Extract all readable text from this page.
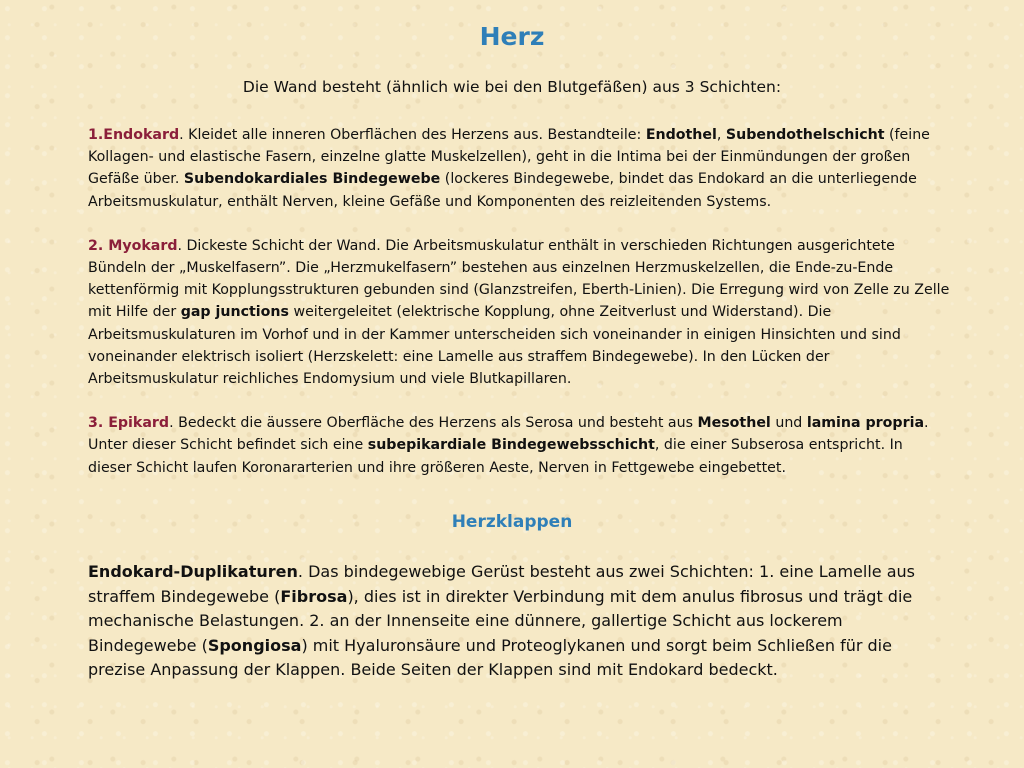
Herz

Die Wand besteht (ähnlich wie bei den Blutgefäßen) aus 3 Schichten:

1.Endokard. Kleidet alle inneren Oberflächen des Herzens aus. Bestandteile: Endothel, Subendothelschicht (feine Kollagen- und elastische Fasern, einzelne glatte Muskelzellen), geht in die Intima bei der Einmündungen der großen Gefäße über. Subendokardiales Bindegewebe (lockeres Bindegewebe, bindet das Endokard an die unterliegende Arbeitsmuskulatur, enthält Nerven, kleine Gefäße und Komponenten des reizleitenden Systems.

2. Myokard. Dickeste Schicht der Wand. Die Arbeitsmuskulatur enthält in verschieden Richtungen ausgerichtete Bündeln der „Muskelfasern”. Die „Herzmukelfasern” bestehen aus einzelnen Herzmuskelzellen, die Ende-zu-Ende kettenförmig mit Kopplungsstrukturen gebunden sind (Glanzstreifen, Eberth-Linien). Die Erregung wird von Zelle zu Zelle mit Hilfe der gap junctions weitergeleitet (elektrische Kopplung, ohne Zeitverlust und Widerstand). Die Arbeitsmuskulaturen im Vorhof und in der Kammer unterscheiden sich voneinander in einigen Hinsichten und sind voneinander elektrisch isoliert (Herzskelett: eine Lamelle aus straffem Bindegewebe). In den Lücken der Arbeitsmuskulatur reichliches Endomysium und viele Blutkapillaren.

3. Epikard. Bedeckt die äussere Oberfläche des Herzens als Serosa und besteht aus Mesothel und lamina propria. Unter dieser Schicht befindet sich eine subepikardiale Bindegewebsschicht, die einer Subserosa entspricht. In dieser Schicht laufen Koronararterien und ihre größeren Aeste, Nerven in Fettgewebe eingebettet.

Herzklappen

Endokard-Duplikaturen. Das bindegewebige Gerüst besteht aus zwei Schichten: 1. eine Lamelle aus straffem Bindegewebe (Fibrosa), dies ist in direkter Verbindung mit dem anulus fibrosus und trägt die mechanische Belastungen. 2. an der Innenseite eine dünnere, gallertige Schicht aus lockerem Bindegewebe (Spongiosa) mit Hyaluronsäure und Proteoglykanen und sorgt beim Schließen für die prezise Anpassung der Klappen. Beide Seiten der Klappen sind mit Endokard bedeckt.
